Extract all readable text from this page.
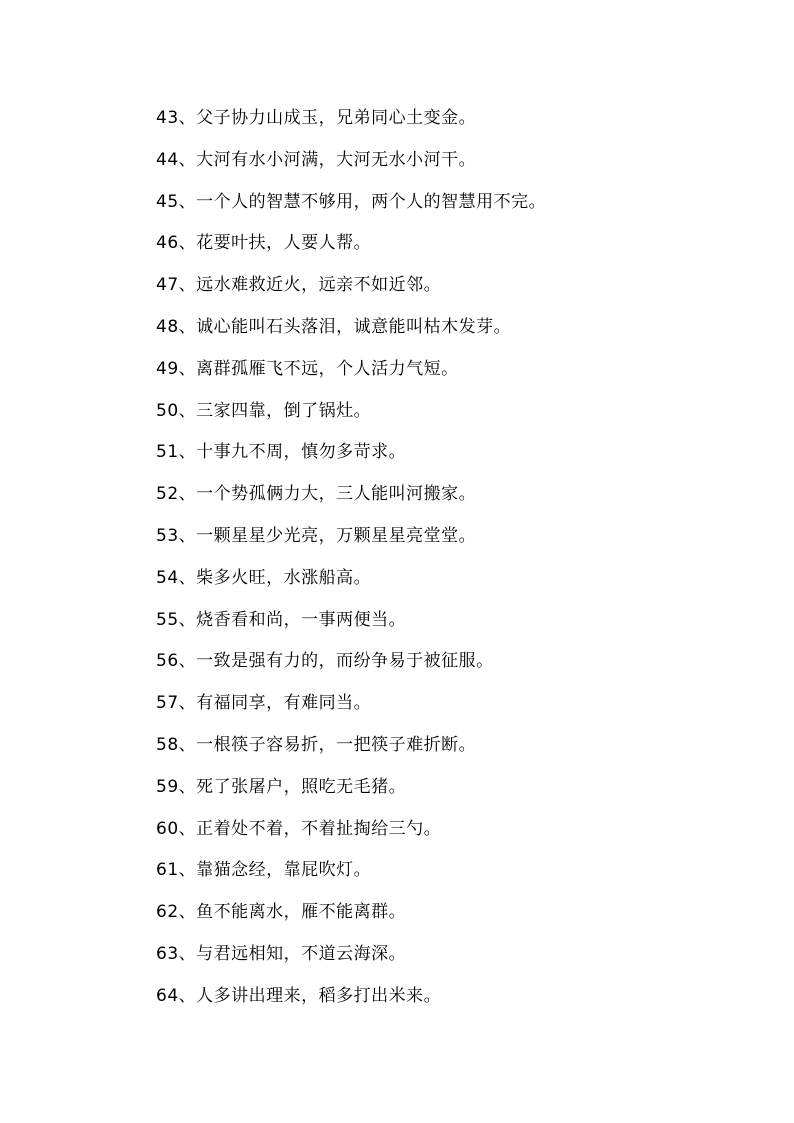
43、父子协力山成玉，兄弟同心土变金。
44、大河有水小河满，大河无水小河干。
45、一个人的智慧不够用，两个人的智慧用不完。
46、花要叶扶，人要人帮。
47、远水难救近火，远亲不如近邻。
48、诚心能叫石头落泪，诚意能叫枯木发芽。
49、离群孤雁飞不远，个人活力气短。
50、三家四靠，倒了锅灶。
51、十事九不周，慎勿多苛求。
52、一个势孤俩力大，三人能叫河搬家。
53、一颗星星少光亮，万颗星星亮堂堂。
54、柴多火旺，水涨船高。
55、烧香看和尚，一事两便当。
56、一致是强有力的，而纷争易于被征服。
57、有福同享，有难同当。
58、一根筷子容易折，一把筷子难折断。
59、死了张屠户，照吃无毛猪。
60、正着处不着，不着扯掏给三勺。
61、靠猫念经，靠屁吹灯。
62、鱼不能离水，雁不能离群。
63、与君远相知，不道云海深。
64、人多讲出理来，稻多打出米来。
